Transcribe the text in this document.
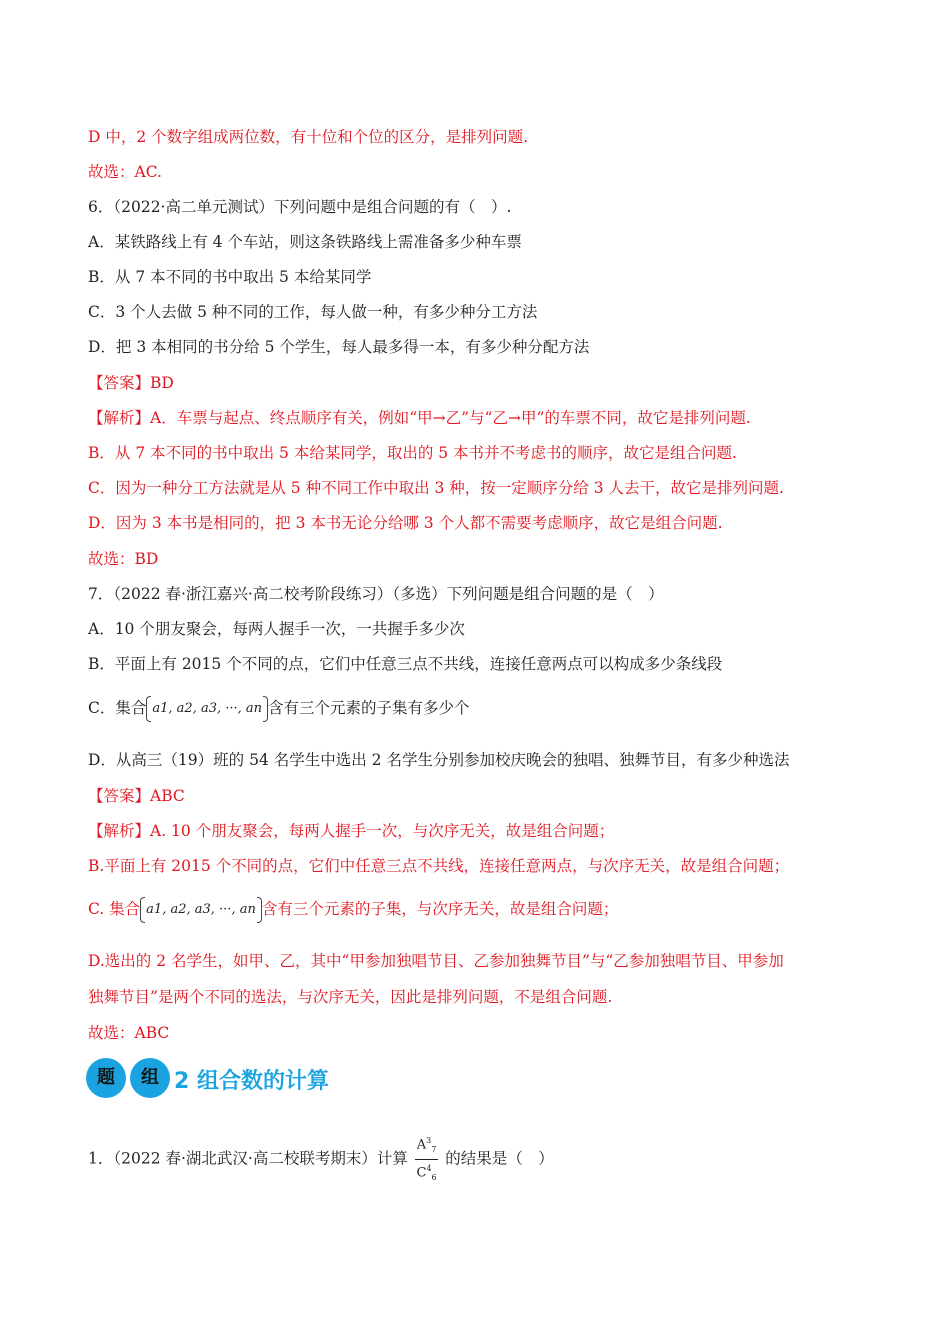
D 中，2 个数字组成两位数，有十位和个位的区分，是排列问题.
故选：AC.
6．（2022·高二单元测试）下列问题中是组合问题的有（　）.
A．某铁路线上有 4 个车站，则这条铁路线上需准备多少种车票
B．从 7 本不同的书中取出 5 本给某同学
C．3 个人去做 5 种不同的工作，每人做一种，有多少种分工方法
D．把 3 本相同的书分给 5 个学生，每人最多得一本，有多少种分配方法
【答案】BD
【解析】A．车票与起点、终点顺序有关，例如“甲→乙”与“乙→甲”的车票不同，故它是排列问题.
B．从 7 本不同的书中取出 5 本给某同学，取出的 5 本书并不考虑书的顺序，故它是组合问题.
C．因为一种分工方法就是从 5 种不同工作中取出 3 种，按一定顺序分给 3 人去干，故它是排列问题.
D．因为 3 本书是相同的，把 3 本书无论分给哪 3 个人都不需要考虑顺序，故它是组合问题.
故选：BD
7．（2022 春·浙江嘉兴·高二校考阶段练习）（多选）下列问题是组合问题的是（　）
A．10 个朋友聚会，每两人握手一次，一共握手多少次
B．平面上有 2015 个不同的点，它们中任意三点不共线，连接任意两点可以构成多少条线段
C．集合 a1, a2, a3, ···, an 含有三个元素的子集有多少个
D．从高三（19）班的 54 名学生中选出 2 名学生分别参加校庆晚会的独唱、独舞节目，有多少种选法
【答案】ABC
【解析】A. 10 个朋友聚会，每两人握手一次，与次序无关，故是组合问题；
B.平面上有 2015 个不同的点，它们中任意三点不共线，连接任意两点，与次序无关，故是组合问题；
C. 集合 a1, a2, a3, ···, an 含有三个元素的子集，与次序无关，故是组合问题；
D.选出的 2 名学生，如甲、乙，其中“甲参加独唱节目、乙参加独舞节目”与“乙参加独唱节目、甲参加
独舞节目”是两个不同的选法，与次序无关，因此是排列问题，不是组合问题.
故选：ABC
题	组 2 组合数的计算
1．（2022 春·湖北武汉·高二校联考期末）计算 $\frac{A^3_7}{C^4_6}$ 的结果是（　）
